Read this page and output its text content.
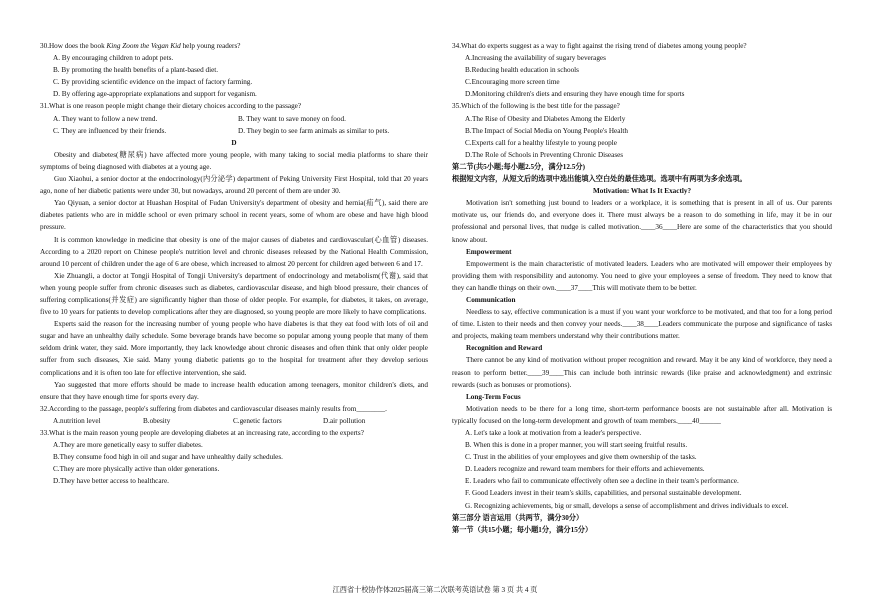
30.How does the book King Zoom the Vegan Kid help young readers?

A. By encouraging children to adopt pets.

B. By promoting the health benefits of a plant-based diet.

C. By providing scientific evidence on the impact of factory farming.

D. By offering age-appropriate explanations and support for veganism.

31.What is one reason people might change their dietary choices according to the passage?

A. They want to follow a new trend.	B. They want to save money on food.
C. They are influenced by their friends.	D. They begin to see farm animals as similar to pets.

D

Obesity and diabetes(糖尿病) have affected more young people, with many taking to social media platforms to share their symptoms of being diagnosed with diabetes at a young age.

Guo Xiaohui, a senior doctor at the endocrinology(内分泌学) department of Peking University First Hospital, told that 20 years ago, none of her diabetic patients were under 30, but nowadays, around 20 percent of them are under 30.

Yao Qiyuan, a senior doctor at Huashan Hospital of Fudan University's department of obesity and hernia(疝气), said there are diabetes patients who are in middle school or even primary school in recent years, some of whom are obese and have high blood pressure.

It is common knowledge in medicine that obesity is one of the major causes of diabetes and cardiovascular(心血管) diseases. According to a 2020 report on Chinese people's nutrition level and chronic diseases released by the National Health Commission, around 10 percent of children under the age of 6 are obese, which increased to almost 20 percent for children aged between 6 and 17.

Xie Zhuangli, a doctor at Tongji Hospital of Tongji University's department of endocrinology and metabolism(代谢), said that when young people suffer from chronic diseases such as diabetes, cardiovascular disease, and high blood pressure, their chances of suffering complications(并发症) are significantly higher than those of older people. For example, for diabetes, it takes, on average, five to 10 years for patients to develop complications after they are diagnosed, so young people are more likely to have complications.

Experts said the reason for the increasing number of young people who have diabetes is that they eat food with lots of oil and sugar and have an unhealthy daily schedule. Some beverage brands have become so popular among young people that many of them seldom drink water, they said. More importantly, they lack knowledge about chronic diseases and often think that only older people suffer from such diseases, Xie said. Many young diabetic patients go to the hospital for treatment after they develop serious complications and it is often too late for effective intervention, she said.

Yao suggested that more efforts should be made to increase health education among teenagers, monitor children's diets, and ensure that they have enough time for sports every day.

32.According to the passage, people's suffering from diabetes and cardiovascular diseases mainly results from________.

A.nutrition level	B.obesity	C.genetic factors	D.air pollution

33.What is the main reason young people are developing diabetes at an increasing rate, according to the experts?

A.They are more genetically easy to suffer diabetes.

B.They consume food high in oil and sugar and have unhealthy daily schedules.

C.They are more physically active than older generations.

D.They have better access to healthcare.

34.What do experts suggest as a way to fight against the rising trend of diabetes among young people?

A.Increasing the availability of sugary beverages

B.Reducing health education in schools

C.Encouraging more screen time

D.Monitoring children's diets and ensuring they have enough time for sports

35.Which of the following is the best title for the passage?

A.The Rise of Obesity and Diabetes Among the Elderly

B.The Impact of Social Media on Young People's Health

C.Experts call for a healthy lifestyle to young people

D.The Role of Schools in Preventing Chronic Diseases

第二节(共5小题;每小题2.5分，满分12.5分)

根据短文内容，从短文后的选项中选出能填入空白处的最佳选项。选项中有两项为多余选项。

Motivation: What Is It Exactly?

Motivation isn't something just bound to leaders or a workplace, it is something that is present in all of us. Our parents motivate us, our friends do, and everyone does it. There must always be a reason to do something in life, may it be in our professional and personal lives, that nudge is called motivation.____36____Here are some of the characteristics that you should know about.

Empowerment

Empowerment is the main characteristic of motivated leaders. Leaders who are motivated will empower their employees by providing them with responsibility and autonomy. You need to give your employees a sense of freedom. They need to know that they can handle things on their own.____37____This will motivate them to be better.

Communication

Needless to say, effective communication is a must if you want your workforce to be motivated, and that too for a long period of time. Listen to their needs and then convey your needs.____38____Leaders communicate the purpose and significance of tasks and projects, making team members understand why their contributions matter.

Recognition and Reward

There cannot be any kind of motivation without proper recognition and reward. May it be any kind of workforce, they need a reason to perform better.____39____This can include both intrinsic rewards (like praise and acknowledgment) and extrinsic rewards (such as bonuses or promotions).

Long-Term Focus

Motivation needs to be there for a long time, short-term performance boosts are not sustainable after all. Motivation is typically focused on the long-term development and growth of team members.____40______

A. Let's take a look at motivation from a leader's perspective.

B. When this is done in a proper manner, you will start seeing fruitful results.

C. Trust in the abilities of your employees and give them ownership of the tasks.

D. Leaders recognize and reward team members for their efforts and achievements.

E. Leaders who fail to communicate effectively often see a decline in their team's performance.

F. Good Leaders invest in their team's skills, capabilities, and personal sustainable development.

G. Recognizing achievements, big or small, develops a sense of accomplishment and drives individuals to excel.

第三部分 语言运用（共两节，满分30分）

第一节（共15小题；每小题1分，满分15分）

江西省十校协作体2025届高三第二次联考英语试卷 第 3 页 共 4 页
